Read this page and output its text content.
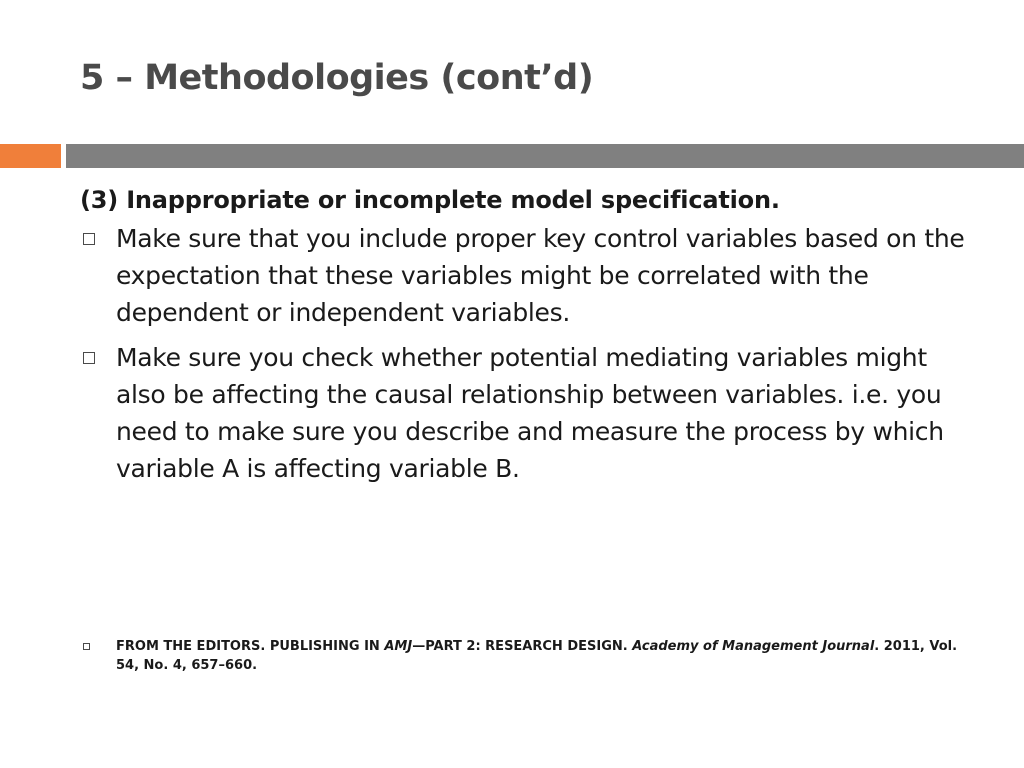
5 – Methodologies (cont’d)
(3) Inappropriate or incomplete model specification.
Make sure that you include proper key control variables based on the expectation that these variables might be correlated with the dependent or independent variables.
Make sure you check whether potential mediating variables might also be affecting the causal relationship between variables. i.e. you need to make sure you describe and measure the process by which variable A is affecting variable B.
FROM THE EDITORS. PUBLISHING IN AMJ—PART 2: RESEARCH DESIGN. Academy of Management Journal. 2011, Vol. 54, No. 4, 657–660.
